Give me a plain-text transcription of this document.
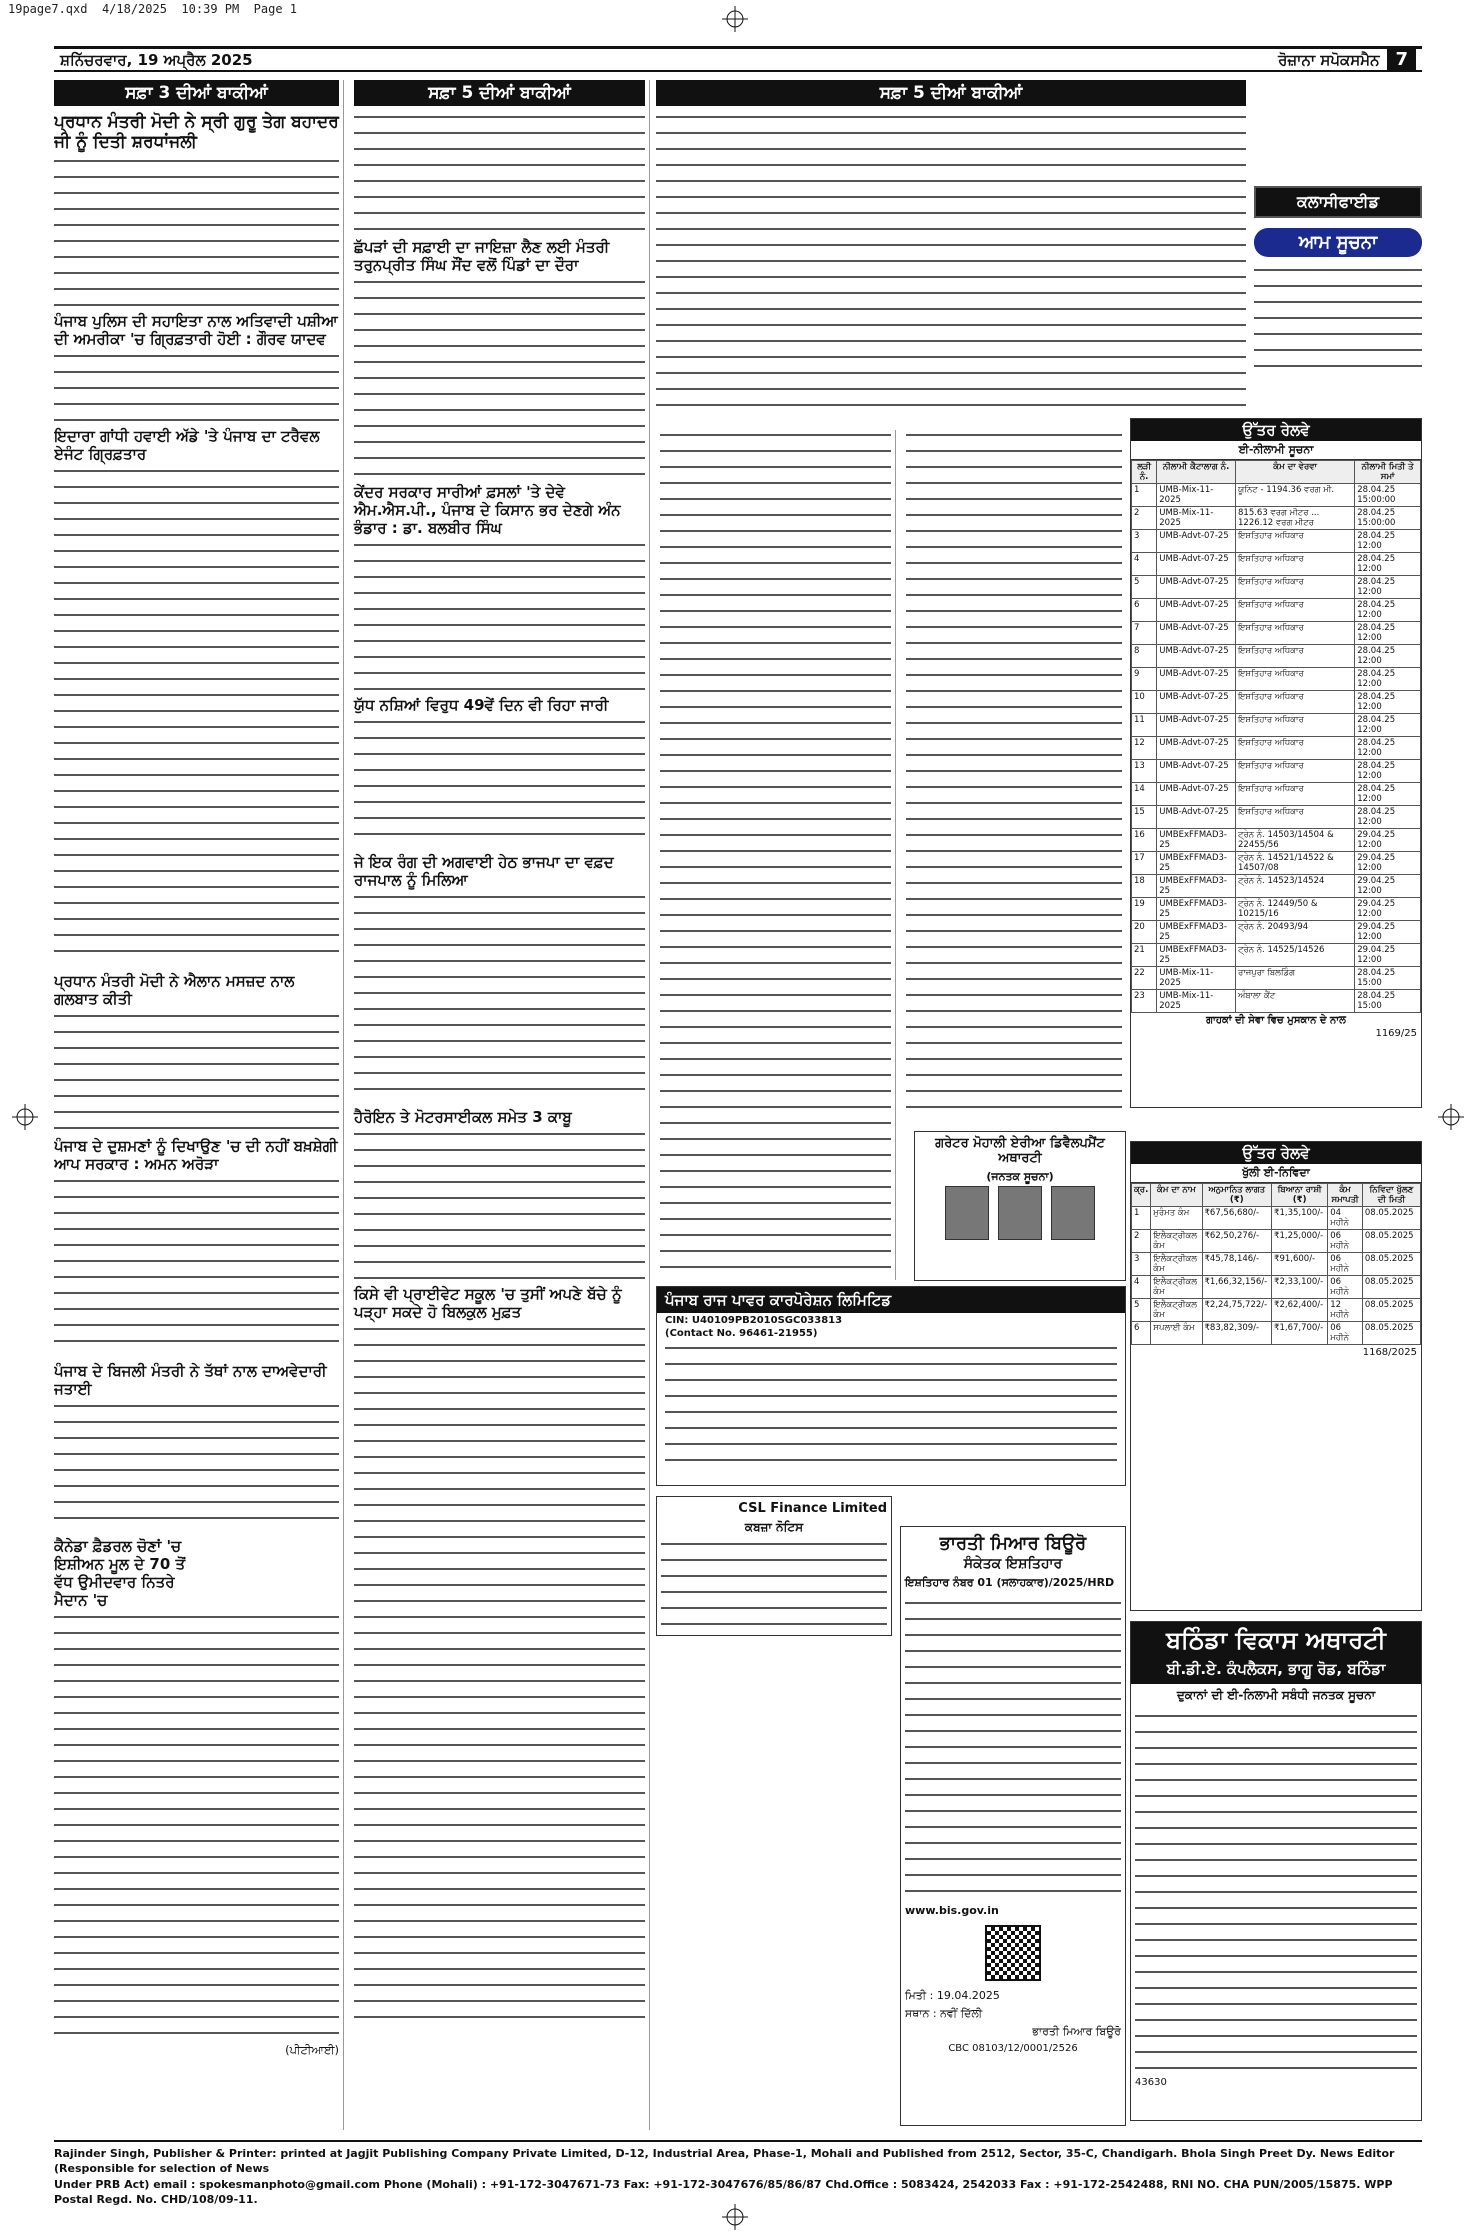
19page7.qxd 4/18/2025 10:39 PM Page 1
ਸ਼ਨਿੱਚਰਵਾਰ, 19 ਅਪ੍ਰੈਲ 2025	ਰੋਜ਼ਾਨਾ ਸਪੋਕਸਮੈਨ 7
ਸਫ਼ਾ 3 ਦੀਆਂ ਬਾਕੀਆਂ
ਪ੍ਰਧਾਨ ਮੰਤਰੀ ਮੋਦੀ ਨੇ ਸ੍ਰੀ ਗੁਰੂ ਤੇਗ ਬਹਾਦਰ ਜੀ ਨੂੰ ਦਿਤੀ ਸ਼ਰਧਾਂਜਲੀ

ਪੰਜਾਬ ਪੁਲਿਸ ਦੀ ਸਹਾਇਤਾ ਨਾਲ ਅਤਿਵਾਦੀ ਪਸ਼ੀਆ ਦੀ ਅਮਰੀਕਾ 'ਚ ਗ੍ਰਿਫ਼ਤਾਰੀ ਹੋਈ : ਗੌਰਵ ਯਾਦਵ

ਇਦਾਰਾ ਗਾਂਧੀ ਹਵਾਈ ਅੱਡੇ 'ਤੇ ਪੰਜਾਬ ਦਾ ਟਰੈਵਲ ਏਜੰਟ ਗ੍ਰਿਫ਼ਤਾਰ

ਪ੍ਰਧਾਨ ਮੰਤਰੀ ਮੋਦੀ ਨੇ ਐਲਾਨ ਮਸਜ਼ਦ ਨਾਲ ਗਲਬਾਤ ਕੀਤੀ

ਪੰਜਾਬ ਦੇ ਦੁਸ਼ਮਣਾਂ ਨੂੰ ਦਿਖਾਉਣ 'ਚ ਦੀ ਨਹੀਂ ਬਖ਼ਸ਼ੇਗੀ ਆਪ ਸਰਕਾਰ : ਅਮਨ ਅਰੋੜਾ

ਪੰਜਾਬ ਦੇ ਬਿਜਲੀ ਮੰਤਰੀ ਨੇ ਤੱਥਾਂ ਨਾਲ ਦਾਅਵੇਦਾਰੀ ਜਤਾਈ

ਕੈਨੇਡਾ ਫ਼ੈਡਰਲ ਚੋਣਾਂ 'ਚ ਇਸ਼ੀਅਨ ਮੂਲ ਦੇ 70 ਤੋਂ ਵੱਧ ਉਮੀਦਵਾਰ ਨਿਤਰੇ ਮੈਦਾਨ 'ਚ

(ਪੀਟੀਆਈ)

ਸਫ਼ਾ 5 ਦੀਆਂ ਬਾਕੀਆਂ

ਛੱਪੜਾਂ ਦੀ ਸਫ਼ਾਈ ਦਾ ਜਾਇਜ਼ਾ ਲੈਣ ਲਈ ਮੰਤਰੀ ਤਰੁਨਪ੍ਰੀਤ ਸਿੰਘ ਸੌਂਦ ਵਲੋਂ ਪਿੰਡਾਂ ਦਾ ਦੌਰਾ

ਕੇਂਦਰ ਸਰਕਾਰ ਸਾਰੀਆਂ ਫ਼ਸਲਾਂ 'ਤੇ ਦੇਵੇ ਐਮ.ਐਸ.ਪੀ., ਪੰਜਾਬ ਦੇ ਕਿਸਾਨ ਭਰ ਦੇਣਗੇ ਅੰਨ ਭੰਡਾਰ : ਡਾ. ਬਲਬੀਰ ਸਿੰਘ

ਯੁੱਧ ਨਸ਼ਿਆਂ ਵਿਰੁਧ 49ਵੇਂ ਦਿਨ ਵੀ ਰਿਹਾ ਜਾਰੀ

ਜੇ ਇਕ ਰੰਗ ਦੀ ਅਗਵਾਈ ਹੇਠ ਭਾਜਪਾ ਦਾ ਵਫ਼ਦ ਰਾਜਪਾਲ ਨੂੰ ਮਿਲਿਆ

ਹੈਰੋਇਨ ਤੇ ਮੋਟਰਸਾਈਕਲ ਸਮੇਤ 3 ਕਾਬੂ

ਕਿਸੇ ਵੀ ਪ੍ਰਾਈਵੇਟ ਸਕੂਲ 'ਚ ਤੁਸੀਂ ਅਪਣੇ ਬੱਚੇ ਨੂੰ ਪੜ੍ਹਾ ਸਕਦੇ ਹੋ ਬਿਲਕੁਲ ਮੁਫ਼ਤ

ਸਫ਼ਾ 5 ਦੀਆਂ ਬਾਕੀਆਂ

ਕਲਾਸੀਫਾਈਡ
ਆਮ ਸੂਚਨਾ

ਗਰੇਟਰ ਮੋਹਾਲੀ ਏਰੀਆ ਡਿਵੈਲਪਮੈਂਟ ਅਥਾਰਟੀ
(ਜਨਤਕ ਸੂਚਨਾ)

ਪੰਜਾਬ ਰਾਜ ਪਾਵਰ ਕਾਰਪੋਰੇਸ਼ਨ ਲਿਮਿਟਿਡ
CIN: U40109PB2010SGC033813
(Contact No. 96461-21955)

CSL Finance Limited
ਕਬਜ਼ਾ ਨੋਟਿਸ

ਭਾਰਤੀ ਮਿਆਰ ਬਿਊਰੋ
ਸੰਕੇਤਕ ਇਸ਼ਤਿਹਾਰ
ਇਸ਼ਤਿਹਾਰ ਨੰਬਰ 01 (ਸਲਾਹਕਾਰ)/2025/HRD

www.bis.gov.in
ਮਿਤੀ : 19.04.2025
ਸਥਾਨ : ਨਵੀਂ ਦਿੱਲੀ
ਭਾਰਤੀ ਮਿਆਰ ਬਿਊਰੋ
CBC 08103/12/0001/2526
ਉੱਤਰ ਰੇਲਵੇ
ਈ-ਨੀਲਾਮੀ ਸੂਚਨਾ
ਲੜੀ ਨੰ.	ਨੀਲਾਮੀ ਕੈਟਾਲਾਗ ਨੰ.	ਕੰਮ ਦਾ ਵੇਰਵਾ	ਨੀਲਾਮੀ ਮਿਤੀ ਤੇ ਸਮਾਂ
1	UMB-Mix-11-2025	ਯੂਨਿਟ - 1194.36 ਵਰਗ ਮੀ.	28.04.25 15:00:00
2	UMB-Mix-11-2025	815.63 ਵਰਗ ਮੀਟਰ ... 1226.12 ਵਰਗ ਮੀਟਰ	28.04.25 15:00:00
3	UMB-Advt-07-25	ਇਸ਼ਤਿਹਾਰ ਅਧਿਕਾਰ	28.04.25 12:00
4	UMB-Advt-07-25	ਇਸ਼ਤਿਹਾਰ ਅਧਿਕਾਰ	28.04.25 12:00
5	UMB-Advt-07-25	ਇਸ਼ਤਿਹਾਰ ਅਧਿਕਾਰ	28.04.25 12:00
6	UMB-Advt-07-25	ਇਸ਼ਤਿਹਾਰ ਅਧਿਕਾਰ	28.04.25 12:00
7	UMB-Advt-07-25	ਇਸ਼ਤਿਹਾਰ ਅਧਿਕਾਰ	28.04.25 12:00
8	UMB-Advt-07-25	ਇਸ਼ਤਿਹਾਰ ਅਧਿਕਾਰ	28.04.25 12:00
9	UMB-Advt-07-25	ਇਸ਼ਤਿਹਾਰ ਅਧਿਕਾਰ	28.04.25 12:00
10	UMB-Advt-07-25	ਇਸ਼ਤਿਹਾਰ ਅਧਿਕਾਰ	28.04.25 12:00
11	UMB-Advt-07-25	ਇਸ਼ਤਿਹਾਰ ਅਧਿਕਾਰ	28.04.25 12:00
12	UMB-Advt-07-25	ਇਸ਼ਤਿਹਾਰ ਅਧਿਕਾਰ	28.04.25 12:00
13	UMB-Advt-07-25	ਇਸ਼ਤਿਹਾਰ ਅਧਿਕਾਰ	28.04.25 12:00
14	UMB-Advt-07-25	ਇਸ਼ਤਿਹਾਰ ਅਧਿਕਾਰ	28.04.25 12:00
15	UMB-Advt-07-25	ਇਸ਼ਤਿਹਾਰ ਅਧਿਕਾਰ	28.04.25 12:00
16	UMBExFFMAD3-25	ਟ੍ਰੇਨ ਨੰ. 14503/14504 & 22455/56	29.04.25 12:00
17	UMBExFFMAD3-25	ਟ੍ਰੇਨ ਨੰ. 14521/14522 & 14507/08	29.04.25 12:00
18	UMBExFFMAD3-25	ਟ੍ਰੇਨ ਨੰ. 14523/14524	29.04.25 12:00
19	UMBExFFMAD3-25	ਟ੍ਰੇਨ ਨੰ. 12449/50 & 10215/16	29.04.25 12:00
20	UMBExFFMAD3-25	ਟ੍ਰੇਨ ਨੰ. 20493/94	29.04.25 12:00
21	UMBExFFMAD3-25	ਟ੍ਰੇਨ ਨੰ. 14525/14526	29.04.25 12:00
22	UMB-Mix-11-2025	ਰਾਜਪੁਰਾ ਬਿਲਡਿੰਗ	28.04.25 15:00
23	UMB-Mix-11-2025	ਅੰਬਾਲਾ ਕੈਂਟ	28.04.25 15:00
ਗਾਹਕਾਂ ਦੀ ਸੇਵਾ ਵਿਚ ਮੁਸਕਾਨ ਦੇ ਨਾਲ
1169/25
ਉੱਤਰ ਰੇਲਵੇ
ਖੁੱਲੀ ਈ-ਨਿਵਿਦਾ
ਕ੍ਰ.	ਕੰਮ ਦਾ ਨਾਮ	ਅਨੁਮਾਨਿਤ ਲਾਗਤ (₹)	ਬਿਆਨਾ ਰਾਸ਼ੀ (₹)	ਕੰਮ ਸਮਾਪਤੀ	ਨਿਵਿਦਾ ਖੁੱਲਣ ਦੀ ਮਿਤੀ
1	ਮੁਰੰਮਤ ਕੰਮ	₹67,56,680/-	₹1,35,100/-	04 ਮਹੀਨੇ	08.05.2025
2	ਇਲੈਕਟ੍ਰੀਕਲ ਕੰਮ	₹62,50,276/-	₹1,25,000/-	06 ਮਹੀਨੇ	08.05.2025
3	ਇਲੈਕਟ੍ਰੀਕਲ ਕੰਮ	₹45,78,146/-	₹91,600/-	06 ਮਹੀਨੇ	08.05.2025
4	ਇਲੈਕਟ੍ਰੀਕਲ ਕੰਮ	₹1,66,32,156/-	₹2,33,100/-	06 ਮਹੀਨੇ	08.05.2025
5	ਇਲੈਕਟ੍ਰੀਕਲ ਕੰਮ	₹2,24,75,722/-	₹2,62,400/-	12 ਮਹੀਨੇ	08.05.2025
6	ਸਪਲਾਈ ਕੰਮ	₹83,82,309/-	₹1,67,700/-	06 ਮਹੀਨੇ	08.05.2025
1168/2025
ਬਠਿੰਡਾ ਵਿਕਾਸ ਅਥਾਰਟੀ
ਬੀ.ਡੀ.ਏ. ਕੰਪਲੈਕਸ, ਭਾਗੂ ਰੋਡ, ਬਠਿੰਡਾ
ਦੁਕਾਨਾਂ ਦੀ ਈ-ਨਿਲਾਮੀ ਸਬੰਧੀ ਜਨਤਕ ਸੂਚਨਾ

43630
Rajinder Singh, Publisher & Printer: printed at Jagjit Publishing Company Private Limited, D-12, Industrial Area, Phase-1, Mohali and Published from 2512, Sector, 35-C, Chandigarh. Bhola Singh Preet Dy. News Editor (Responsible for selection of News
Under PRB Act) email : spokesmanphoto@gmail.com Phone (Mohali) : +91-172-3047671-73 Fax: +91-172-3047676/85/86/87 Chd.Office : 5083424, 2542033 Fax : +91-172-2542488, RNI NO. CHA PUN/2005/15875. WPP Postal Regd. No. CHD/108/09-11.
